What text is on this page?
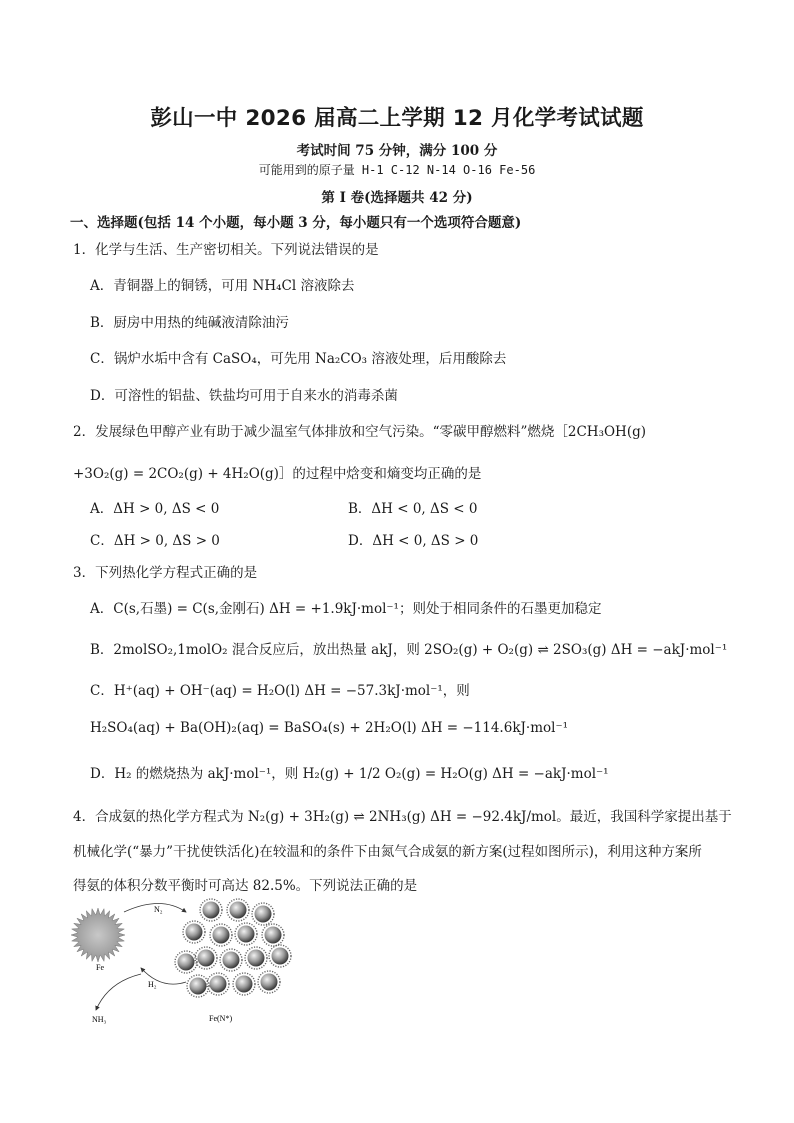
彭山一中 2026 届高二上学期 12 月化学考试试题
考试时间 75 分钟，满分 100 分
可能用到的原子量 H-1 C-12 N-14 O-16 Fe-56
第 I 卷(选择题共 42 分)
一、选择题(包括 14 个小题，每小题 3 分，每小题只有一个选项符合题意)
1．化学与生活、生产密切相关。下列说法错误的是
A．青铜器上的铜锈，可用 NH₄Cl 溶液除去
B．厨房中用热的纯碱液清除油污
C．锅炉水垢中含有 CaSO₄，可先用 Na₂CO₃ 溶液处理，后用酸除去
D．可溶性的铝盐、铁盐均可用于自来水的消毒杀菌
2．发展绿色甲醇产业有助于减少温室气体排放和空气污染。“零碳甲醇燃料”燃烧［2CH₃OH(g)
+3O₂(g) = 2CO₂(g) + 4H₂O(g)］的过程中焓变和熵变均正确的是
A．ΔH > 0, ΔS < 0	B．ΔH < 0, ΔS < 0
C．ΔH > 0, ΔS > 0	D．ΔH < 0, ΔS > 0
3．下列热化学方程式正确的是
A．C(s,石墨) = C(s,金刚石) ΔH = +1.9kJ·mol⁻¹；则处于相同条件的石墨更加稳定
B．2molSO₂,1molO₂ 混合反应后，放出热量 akJ，则 2SO₂(g) + O₂(g) ⇌ 2SO₃(g) ΔH = −akJ·mol⁻¹
C．H⁺(aq) + OH⁻(aq) = H₂O(l) ΔH = −57.3kJ·mol⁻¹，则
H₂SO₄(aq) + Ba(OH)₂(aq) = BaSO₄(s) + 2H₂O(l) ΔH = −114.6kJ·mol⁻¹
D．H₂ 的燃烧热为 akJ·mol⁻¹，则 H₂(g) + 1/2 O₂(g) = H₂O(g) ΔH = −akJ·mol⁻¹
4．合成氨的热化学方程式为 N₂(g) + 3H₂(g) ⇌ 2NH₃(g) ΔH = −92.4kJ/mol。最近，我国科学家提出基于
机械化学(“暴力”干扰使铁活化)在较温和的条件下由氮气合成氨的新方案(过程如图所示)，利用这种方案所
得氨的体积分数平衡时可高达 82.5%。下列说法正确的是
Fe
N₂
H₂
NH₃	Fe(N*)
